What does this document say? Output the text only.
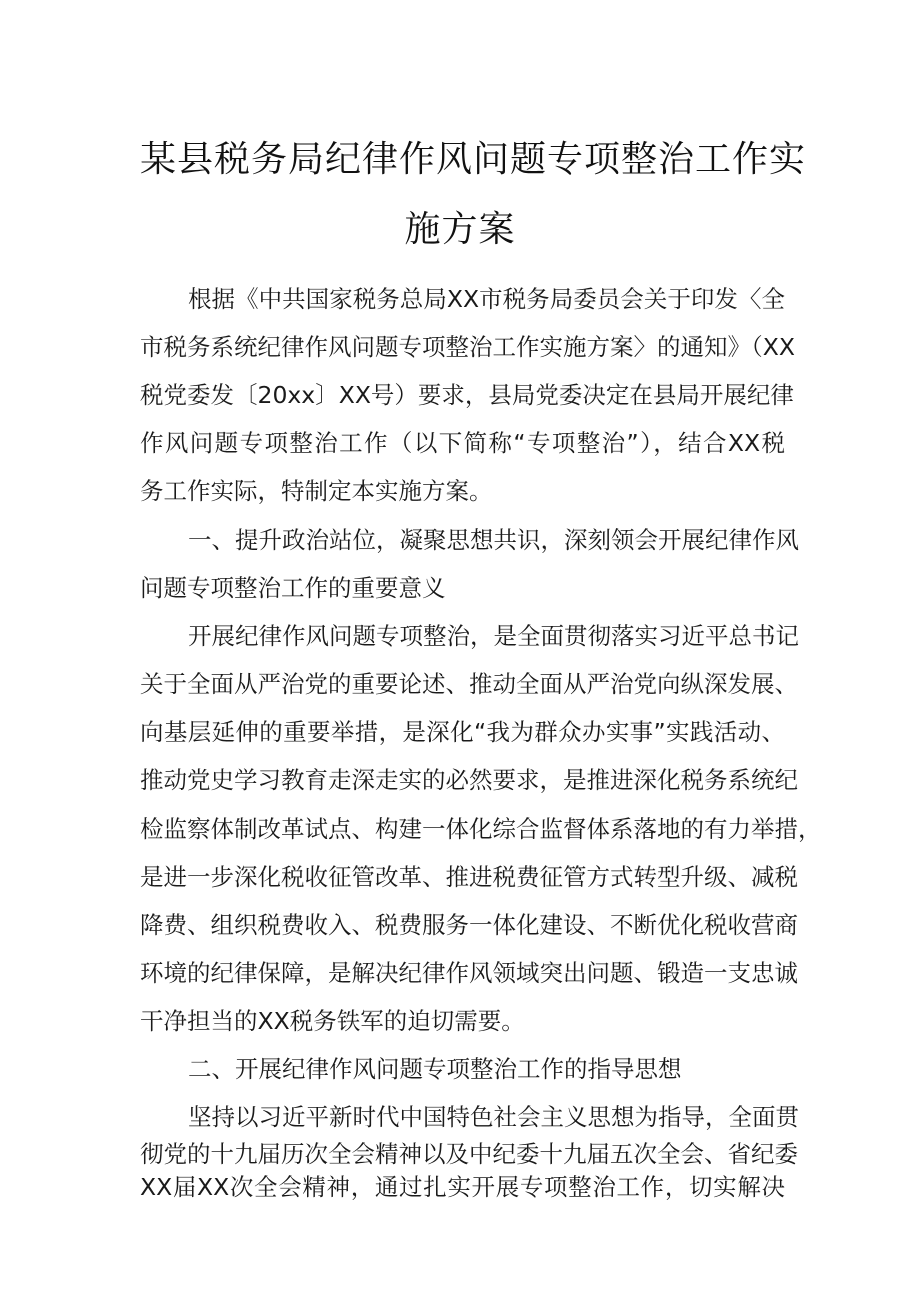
某县税务局纪律作风问题专项整治工作实
施方案
根据《中共国家税务总局XX市税务局委员会关于印发〈全
市税务系统纪律作风问题专项整治工作实施方案〉的通知》（XX
税党委发〔20xx〕XX号）要求，县局党委决定在县局开展纪律
作风问题专项整治工作（以下简称“专项整治”），结合XX税
务工作实际，特制定本实施方案。
一、提升政治站位，凝聚思想共识，深刻领会开展纪律作风
问题专项整治工作的重要意义
开展纪律作风问题专项整治，是全面贯彻落实习近平总书记
关于全面从严治党的重要论述、推动全面从严治党向纵深发展、
向基层延伸的重要举措，是深化“我为群众办实事”实践活动、
推动党史学习教育走深走实的必然要求，是推进深化税务系统纪
检监察体制改革试点、构建一体化综合监督体系落地的有力举措，
是进一步深化税收征管改革、推进税费征管方式转型升级、减税
降费、组织税费收入、税费服务一体化建设、不断优化税收营商
环境的纪律保障，是解决纪律作风领域突出问题、锻造一支忠诚
干净担当的XX税务铁军的迫切需要。
二、开展纪律作风问题专项整治工作的指导思想
坚持以习近平新时代中国特色社会主义思想为指导，全面贯
彻党的十九届历次全会精神以及中纪委十九届五次全会、省纪委
XX届XX次全会精神，通过扎实开展专项整治工作，切实解决
